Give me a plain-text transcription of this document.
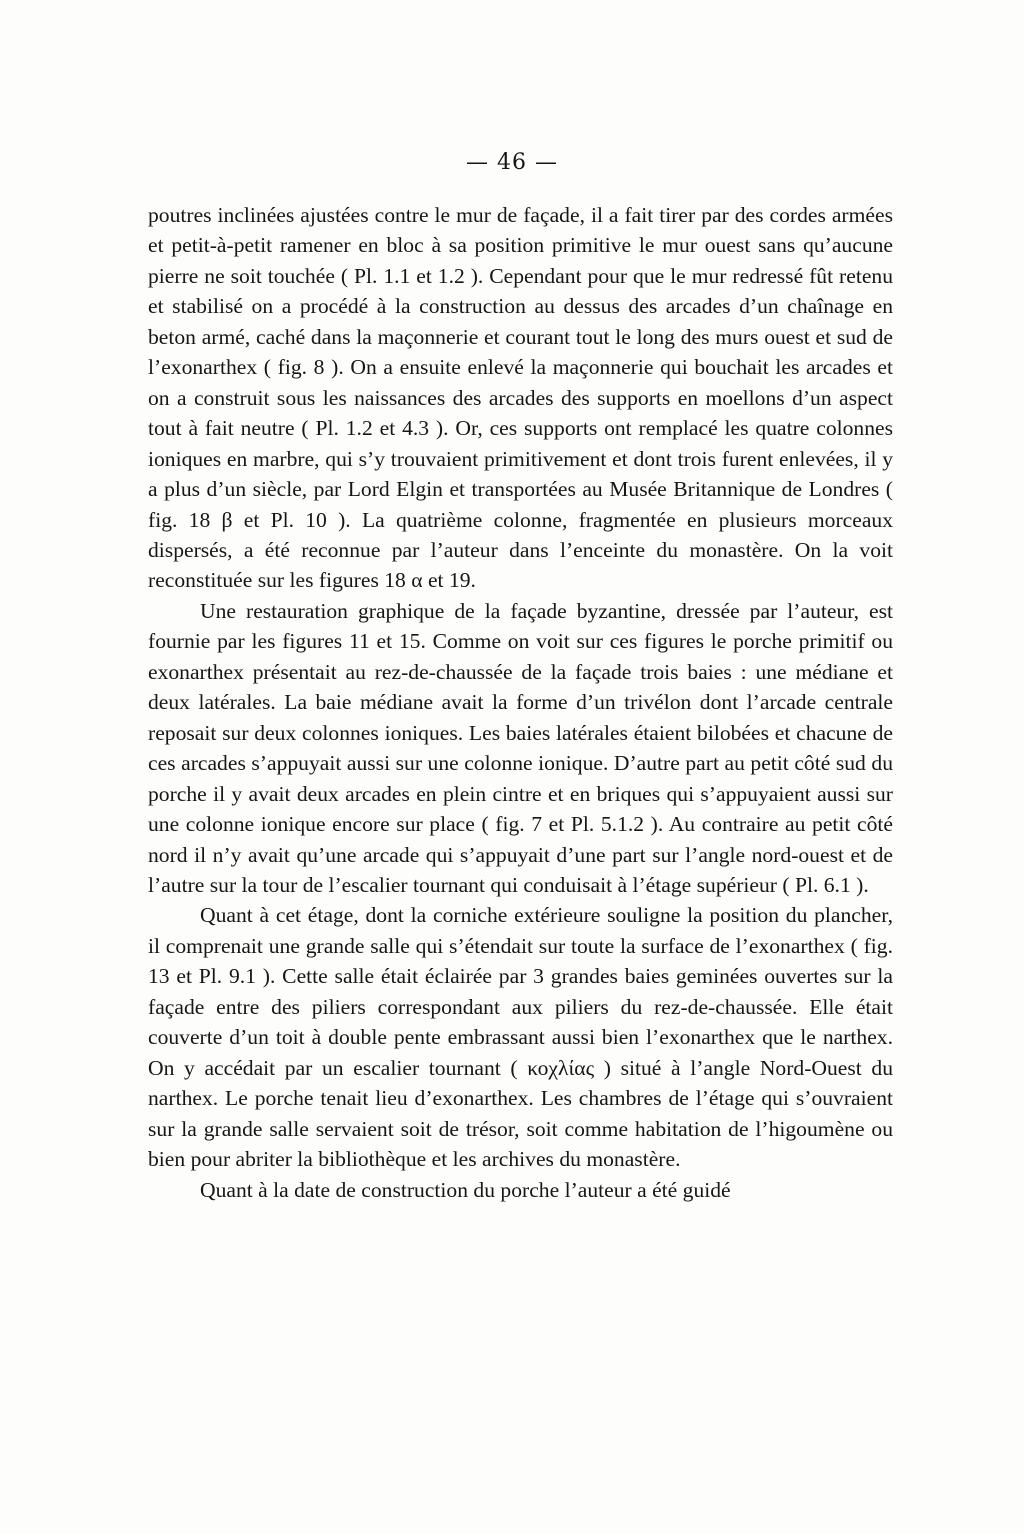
— 46 —

poutres inclinées ajustées contre le mur de façade, il a fait tirer par des cordes armées et petit-à-petit ramener en bloc à sa position primitive le mur ouest sans qu’aucune pierre ne soit touchée ( Pl. 1.1 et 1.2 ). Cependant pour que le mur redressé fût retenu et stabilisé on a procédé à la construction au dessus des arcades d’un chaînage en beton armé, caché dans la maçonnerie et courant tout le long des murs ouest et sud de l’exonarthex ( fig. 8 ). On a ensuite enlevé la maçonnerie qui bouchait les arcades et on a construit sous les naissances des arcades des supports en moellons d’un aspect tout à fait neutre ( Pl. 1.2 et 4.3 ). Or, ces supports ont remplacé les quatre colonnes ioniques en marbre, qui s’y trouvaient primitivement et dont trois furent enlevées, il y a plus d’un siècle, par Lord Elgin et transportées au Musée Britannique de Londres ( fig. 18 β et Pl. 10 ). La quatrième colonne, fragmentée en plusieurs morceaux dispersés, a été reconnue par l’auteur dans l’enceinte du monastère. On la voit reconstituée sur les figures 18 α et 19.

Une restauration graphique de la façade byzantine, dressée par l’auteur, est fournie par les figures 11 et 15. Comme on voit sur ces figures le porche primitif ou exonarthex présentait au rez-de-chaussée de la façade trois baies : une médiane et deux latérales. La baie médiane avait la forme d’un trivélon dont l’arcade centrale reposait sur deux colonnes ioniques. Les baies latérales étaient bilobées et chacune de ces arcades s’appuyait aussi sur une colonne ionique. D’autre part au petit côté sud du porche il y avait deux arcades en plein cintre et en briques qui s’appuyaient aussi sur une colonne ionique encore sur place ( fig. 7 et Pl. 5.1.2 ). Au contraire au petit côté nord il n’y avait qu’une arcade qui s’appuyait d’une part sur l’angle nord-ouest et de l’autre sur la tour de l’escalier tournant qui conduisait à l’étage supérieur ( Pl. 6.1 ).

Quant à cet étage, dont la corniche extérieure souligne la position du plancher, il comprenait une grande salle qui s’étendait sur toute la surface de l’exonarthex ( fig. 13 et Pl. 9.1 ). Cette salle était éclairée par 3 grandes baies geminées ouvertes sur la façade entre des piliers correspondant aux piliers du rez-de-chaussée. Elle était couverte d’un toit à double pente embrassant aussi bien l’exonarthex que le narthex. On y accédait par un escalier tournant ( κοχλίας ) situé à l’angle Nord-Ouest du narthex. Le porche tenait lieu d’exonarthex. Les chambres de l’étage qui s’ouvraient sur la grande salle servaient soit de trésor, soit comme habitation de l’higoumène ou bien pour abriter la bibliothèque et les archives du monastère.

Quant à la date de construction du porche l’auteur a été guidé
